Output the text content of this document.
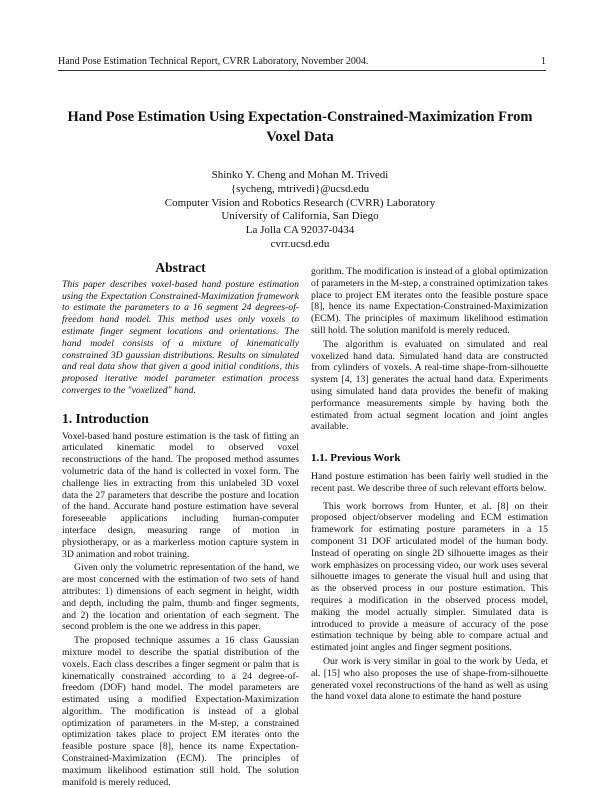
Hand Pose Estimation Technical Report, CVRR Laboratory, November 2004.	1
Hand Pose Estimation Using Expectation-Constrained-Maximization From Voxel Data
Shinko Y. Cheng and Mohan M. Trivedi
{sycheng, mtrivedi}@ucsd.edu
Computer Vision and Robotics Research (CVRR) Laboratory
University of California, San Diego
La Jolla CA 92037-0434
cvrr.ucsd.edu
Abstract

This paper describes voxel-based hand posture estimation using the Expectation Constrained-Maximization framework to estimate the parameters to a 16 segment 24 degrees-of-freedom hand model. This method uses only voxels to estimate finger segment locations and orientations. The hand model consists of a mixture of kinematically constrained 3D gaussian distributions. Results on simulated and real data show that given a good initial conditions, this proposed iterative model parameter estimation process converges to the "voxelized" hand.

1. Introduction

Voxel-based hand posture estimation is the task of fitting an articulated kinematic model to observed voxel reconstructions of the hand. The proposed method assumes volumetric data of the hand is collected in voxel form. The challenge lies in extracting from this unlabeled 3D voxel data the 27 parameters that describe the posture and location of the hand. Accurate hand posture estimation have several foreseeable applications including human-computer interface design, measuring range of motion in physiotherapy, or as a markerless motion capture system in 3D animation and robot training.

Given only the volumetric representation of the hand, we are most concerned with the estimation of two sets of hand attributes: 1) dimensions of each segment in height, width and depth, including the palm, thumb and finger segments, and 2) the location and orientation of each segment. The second problem is the one we address in this paper.

The proposed technique assumes a 16 class Gaussian mixture model to describe the spatial distribution of the voxels. Each class describes a finger segment or palm that is kinematically constrained according to a 24 degree-of-freedom (DOF) hand model. The model parameters are estimated using a modified Expectation-Maximization algorithm. The modification is instead of a global optimization of parameters in the M-step, a constrained optimization takes place to project EM iterates onto the feasible posture space [8], hence its name Expectation-Constrained-Maximization (ECM). The principles of maximum likelihood estimation still hold. The solution manifold is merely reduced.

gorithm. The modification is instead of a global optimization of parameters in the M-step, a constrained optimization takes place to project EM iterates onto the feasible posture space [8], hence its name Expectation-Constrained-Maximization (ECM). The principles of maximum likelihood estimation still hold. The solution manifold is merely reduced.

The algorithm is evaluated on simulated and real voxelized hand data. Simulated hand data are constructed from cylinders of voxels. A real-time shape-from-silhouette system [4, 13] generates the actual hand data. Experiments using simulated hand data provides the benefit of making performance measurements simple by having both the estimated from actual segment location and joint angles available.

1.1. Previous Work

Hand posture estimation has been fairly well studied in the recent past. We describe three of such relevant efforts below.

This work borrows from Hunter, et al. [8] on their proposed object/observer modeling and ECM estimation framework for estimating posture parameters in a 15 component 31 DOF articulated model of the human body. Instead of operating on single 2D silhouette images as their work emphasizes on processing video, our work uses several silhouette images to generate the visual hull and using that as the observed process in our posture estimation. This requires a modification in the observed process model, making the model actually simpler. Simulated data is introduced to provide a measure of accuracy of the pose estimation technique by being able to compare actual and estimated joint angles and finger segment positions.

Our work is very similar in goal to the work by Ueda, et al. [15] who also proposes the use of shape-from-silhouette generated voxel reconstructions of the hand as well as using the hand voxel data alone to estimate the hand posture
